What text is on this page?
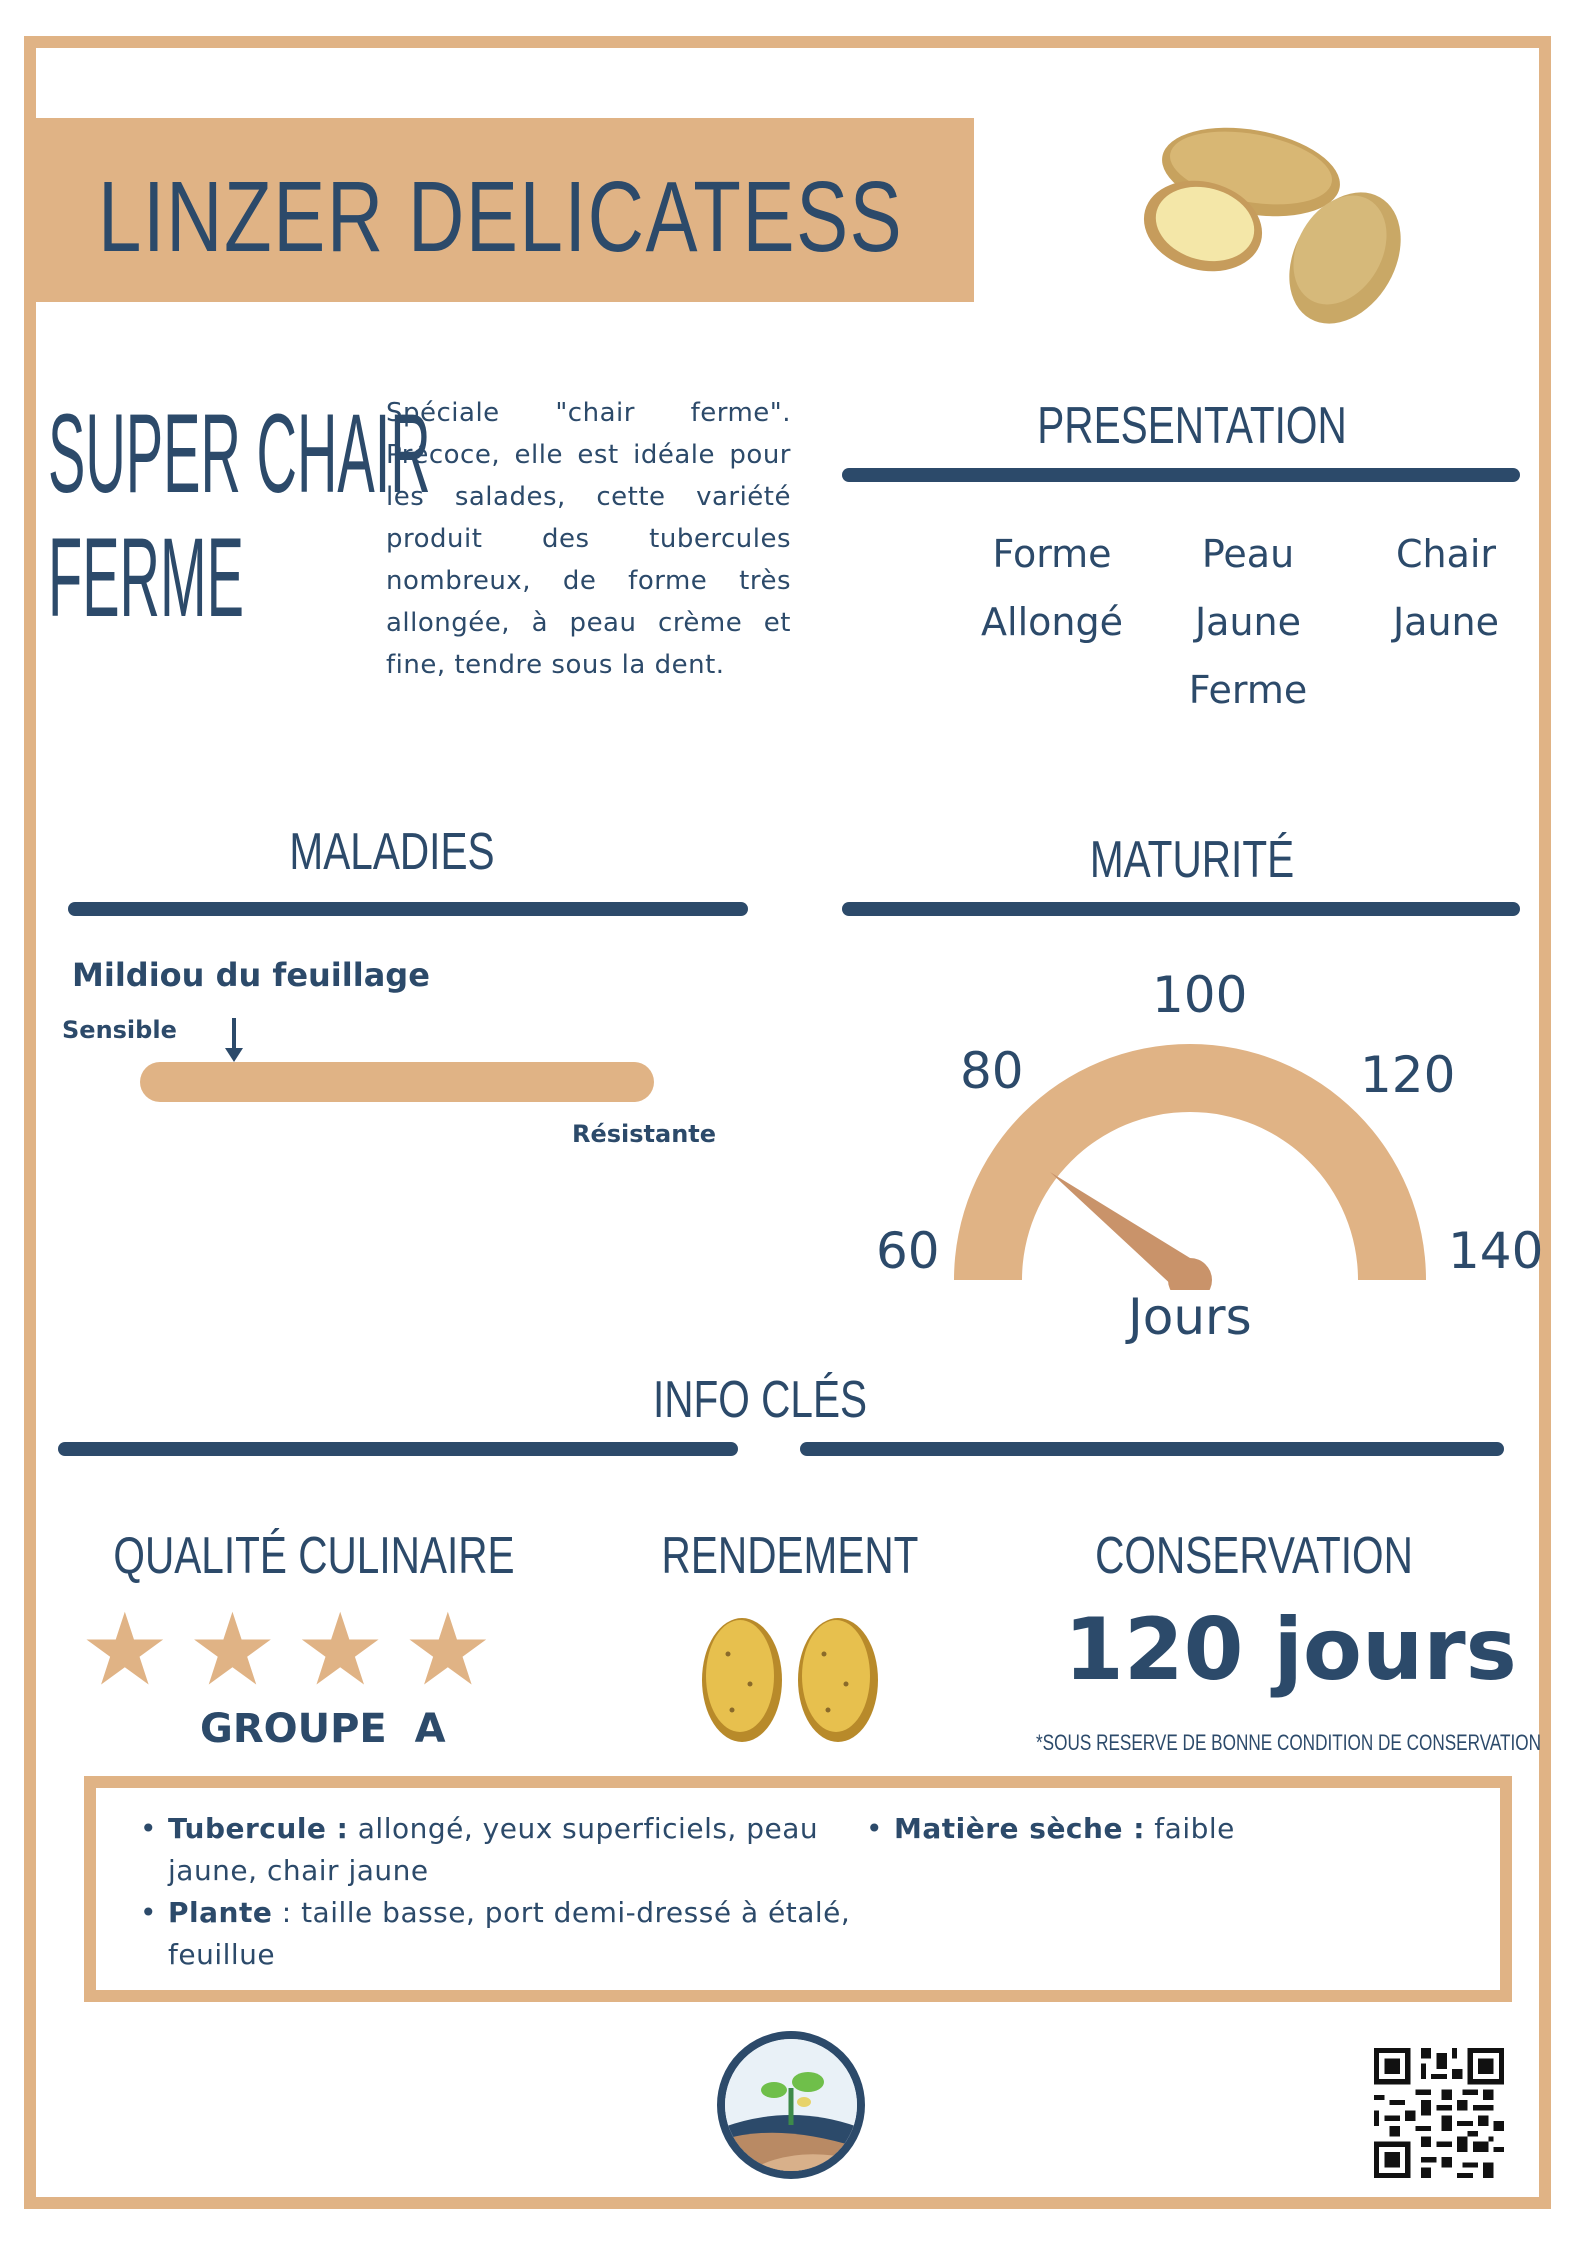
LINZER DELICATESS
SUPER CHAIR
FERME
Spéciale "chair ferme". Précoce, elle est idéale pour les salades, cette variété produit des tubercules nombreux, de forme très allongée, à peau crème et fine, tendre sous la dent.
PRESENTATION
Forme
Allongé
Peau
Jaune
Ferme
Chair
Jaune
MALADIES
Mildiou du feuillage
Sensible
Résistante
MATURITÉ
60
80
100
120
140
Jours
INFO CLÉS
QUALITÉ CULINAIRE
★★★★
GROUPE  A
RENDEMENT	CONSERVATION
120 jours
*SOUS RESERVE DE BONNE CONDITION DE CONSERVATION
• Tubercule : allongé, yeux superficiels, peau jaune, chair jaune
• Plante : taille basse, port demi-dressé à étalé, feuillue
• Matière sèche : faible
